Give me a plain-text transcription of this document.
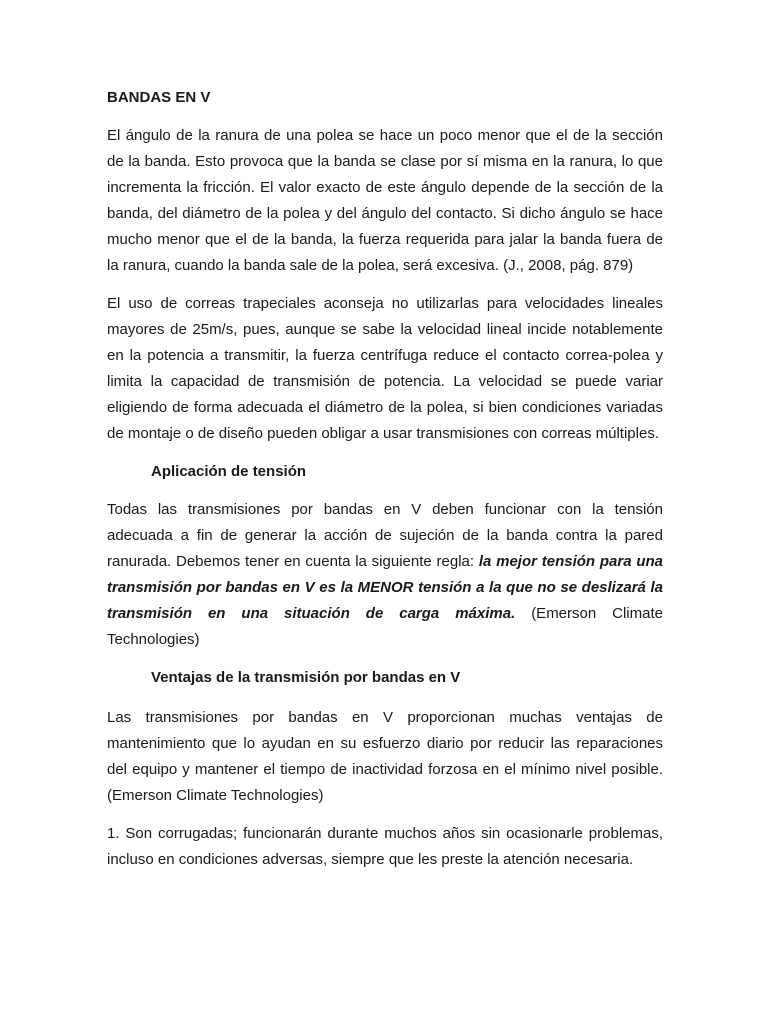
BANDAS EN V
El ángulo de la ranura de una polea se hace un poco menor que el de la sección
de la banda. Esto provoca que la banda se clase por sí misma en la ranura, lo que
incrementa la fricción. El valor exacto de este ángulo depende de la sección de la
banda, del diámetro de la polea y del ángulo del contacto. Si dicho ángulo se hace
mucho menor que el de la banda, la fuerza requerida para jalar la banda fuera de
la ranura, cuando la banda sale de la polea, será excesiva. (J., 2008, pág. 879)
El uso de correas trapeciales aconseja no utilizarlas para velocidades lineales
mayores de 25m/s, pues, aunque se sabe la velocidad lineal incide notablemente
en la potencia a transmitir, la fuerza centrífuga reduce el contacto correa-polea y
limita la capacidad de transmisión de potencia. La velocidad se puede variar
eligiendo de forma adecuada el diámetro de la polea, si bien condiciones variadas
de montaje o de diseño pueden obligar a usar transmisiones con correas múltiples.
Aplicación de tensión
Todas las transmisiones por bandas en V deben funcionar con la tensión
adecuada a fin de generar la acción de sujeción de la banda contra la pared
ranurada. Debemos tener en cuenta la siguiente regla: la mejor tensión para una
transmisión por bandas en V es la MENOR tensión a la que no se deslizará la
transmisión en una situación de carga máxima. (Emerson Climate
Technologies)
Ventajas de la transmisión por bandas en V
Las transmisiones por bandas en V proporcionan muchas ventajas de
mantenimiento que lo ayudan en su esfuerzo diario por reducir las reparaciones
del equipo y mantener el tiempo de inactividad forzosa en el mínimo nivel posible.
(Emerson Climate Technologies)
1. Son corrugadas; funcionarán durante muchos años sin ocasionarle problemas,
incluso en condiciones adversas, siempre que les preste la atención necesaria.
